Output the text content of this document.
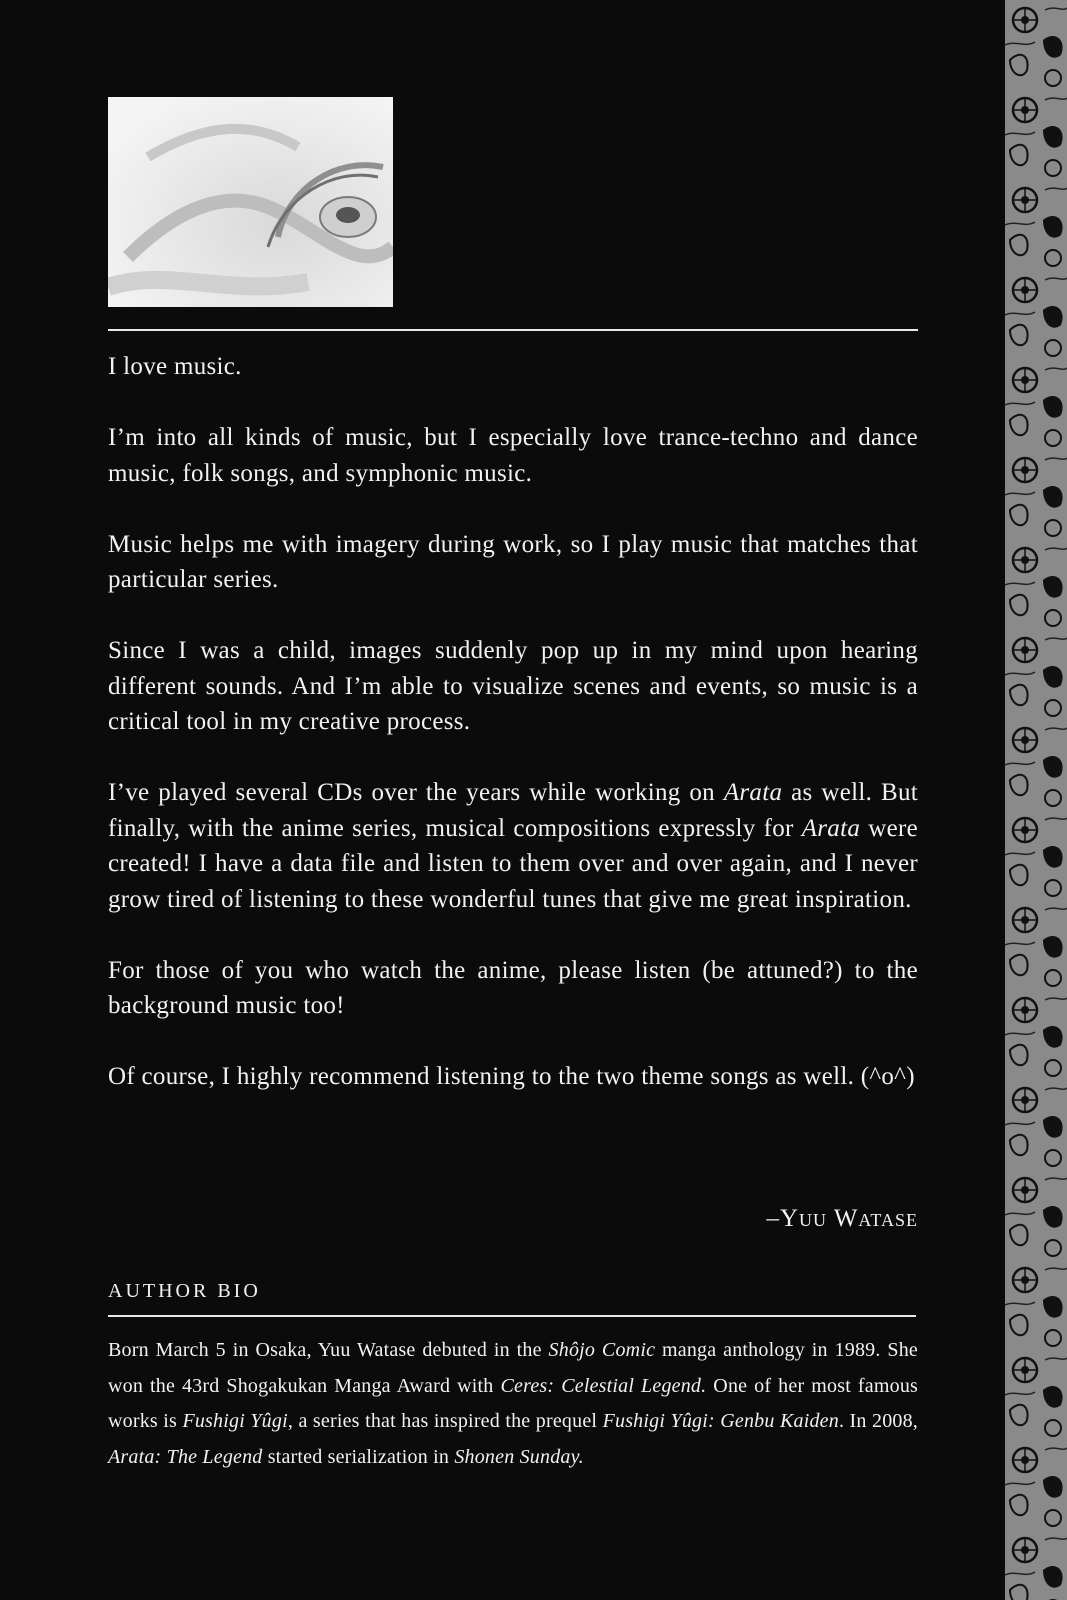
I love music.

I’m into all kinds of music, but I especially love trance-techno and dance music, folk songs, and symphonic music.

Music helps me with imagery during work, so I play music that matches that particular series.

Since I was a child, images suddenly pop up in my mind upon hearing different sounds. And I’m able to visualize scenes and events, so music is a critical tool in my creative process.

I’ve played several CDs over the years while working on Arata as well. But finally, with the anime series, musical compositions expressly for Arata were created! I have a data file and listen to them over and over again, and I never grow tired of listening to these wonderful tunes that give me great inspiration.

For those of you who watch the anime, please listen (be attuned?) to the background music too!

Of course, I highly recommend listening to the two theme songs as well. (^o^)

–Yuu Watase
AUTHOR BIO
Born March 5 in Osaka, Yuu Watase debuted in the Shôjo Comic manga anthology in 1989. She won the 43rd Shogakukan Manga Award with Ceres: Celestial Legend. One of her most famous works is Fushigi Yûgi, a series that has inspired the prequel Fushigi Yûgi: Genbu Kaiden. In 2008, Arata: The Legend started serialization in Shonen Sunday.
